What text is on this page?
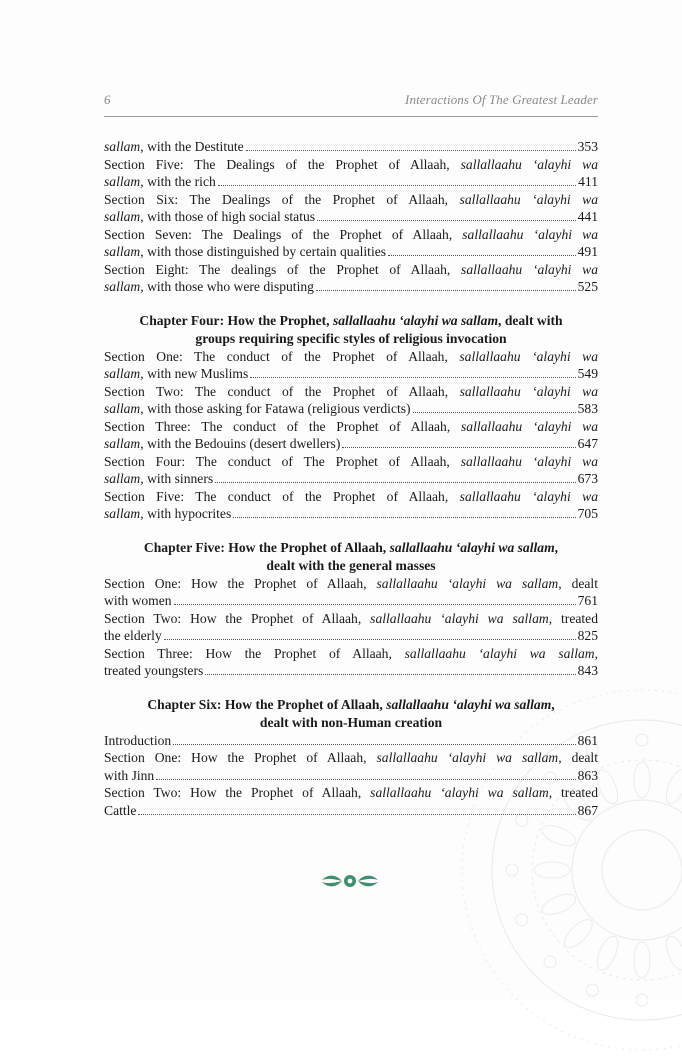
6	Interactions Of The Greatest Leader
sallam, with the Destitute	353
Section Five: The Dealings of the Prophet of Allaah, sallallaahu ‘alayhi wa
sallam, with the rich	411
Section Six: The Dealings of the Prophet of Allaah, sallallaahu ‘alayhi wa
sallam, with those of high social status	441
Section Seven: The Dealings of the Prophet of Allaah, sallallaahu ‘alayhi wa
sallam, with those distinguished by certain qualities	491
Section Eight: The dealings of the Prophet of Allaah, sallallaahu ‘alayhi wa
sallam, with those who were disputing	525
Chapter Four: How the Prophet, sallallaahu ‘alayhi wa sallam, dealt with
groups requiring specific styles of religious invocation
Section One: The conduct of the Prophet of Allaah, sallallaahu ‘alayhi wa
sallam, with new Muslims	549
Section Two: The conduct of the Prophet of Allaah, sallallaahu ‘alayhi wa
sallam, with those asking for Fatawa (religious verdicts)	583
Section Three: The conduct of the Prophet of Allaah, sallallaahu ‘alayhi wa
sallam, with the Bedouins (desert dwellers)	647
Section Four: The conduct of The Prophet of Allaah, sallallaahu ‘alayhi wa
sallam, with sinners	673
Section Five: The conduct of the Prophet of Allaah, sallallaahu ‘alayhi wa
sallam, with hypocrites	705
Chapter Five: How the Prophet of Allaah, sallallaahu ‘alayhi wa sallam,
dealt with the general masses
Section One: How the Prophet of Allaah, sallallaahu ‘alayhi wa sallam, dealt
with women	761
Section Two: How the Prophet of Allaah, sallallaahu ‘alayhi wa sallam, treated
the elderly	825
Section Three: How the Prophet of Allaah, sallallaahu ‘alayhi wa sallam,
treated youngsters	843
Chapter Six: How the Prophet of Allaah, sallallaahu ‘alayhi wa sallam,
dealt with non-Human creation
Introduction	861
Section One: How the Prophet of Allaah, sallallaahu ‘alayhi wa sallam, dealt
with Jinn	863
Section Two: How the Prophet of Allaah, sallallaahu ‘alayhi wa sallam, treated
Cattle	867
